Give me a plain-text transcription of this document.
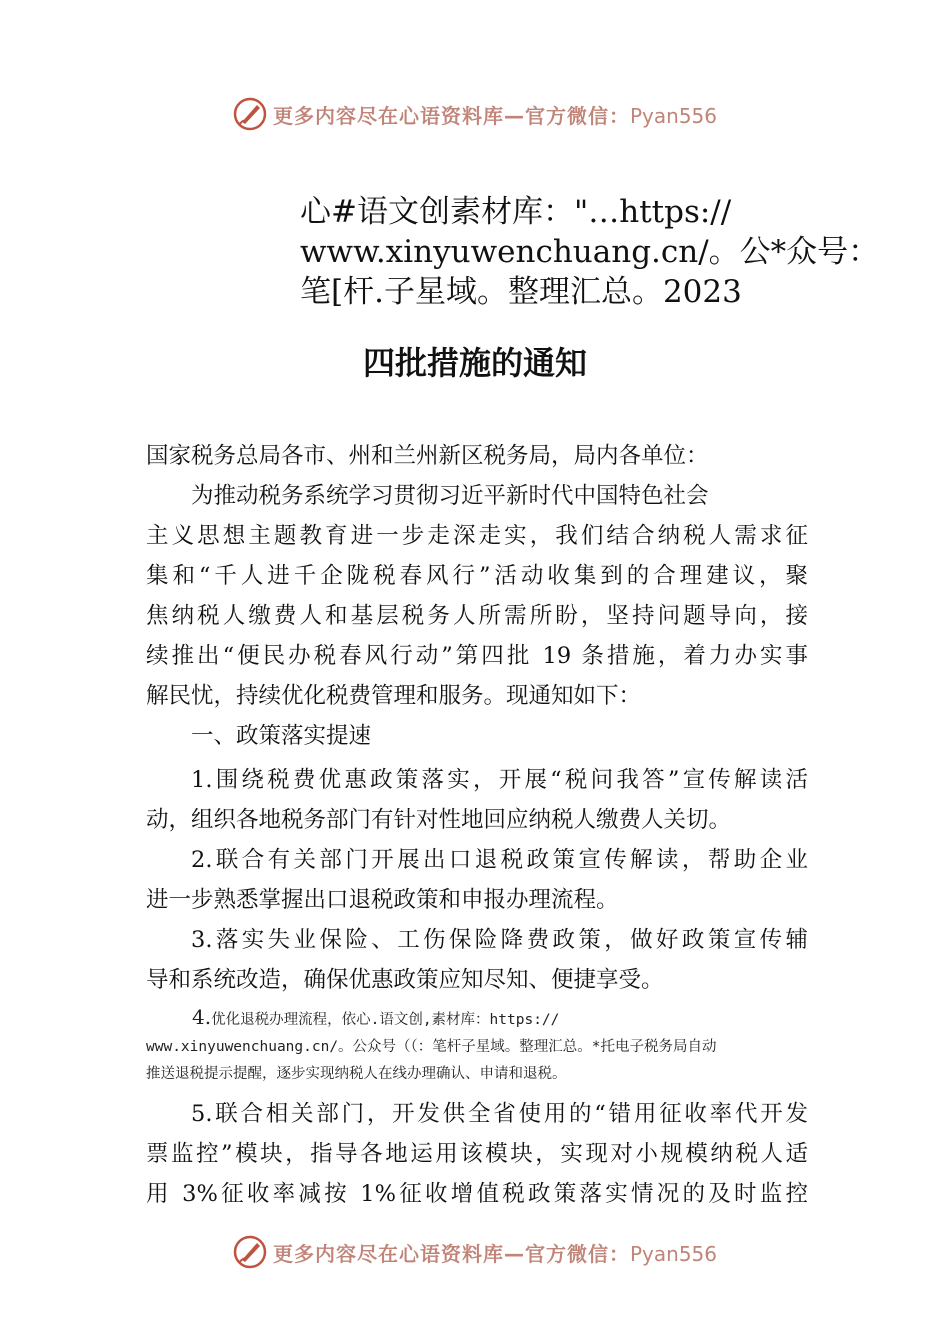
更多内容尽在心语资料库—官方微信：Pyan556
心#语文创素材库："…https://
www.xinyuwenchuang.cn/。公*众号：
笔[杆.子星域。整理汇总。2023
四批措施的通知

国家税务总局各市、州和兰州新区税务局，局内各单位：

为推动税务系统学习贯彻习近平新时代中国特色社会

主义思想主题教育进一步走深走实，我们结合纳税人需求征

集和“千人进千企陇税春风行”活动收集到的合理建议，聚

焦纳税人缴费人和基层税务人所需所盼，坚持问题导向，接

续推出“便民办税春风行动”第四批 19 条措施，着力办实事

解民忧，持续优化税费管理和服务。现通知如下：

一、政策落实提速

1.围绕税费优惠政策落实，开展“税问我答”宣传解读活

动，组织各地税务部门有针对性地回应纳税人缴费人关切。

2.联合有关部门开展出口退税政策宣传解读，帮助企业

进一步熟悉掌握出口退税政策和申报办理流程。

3.落实失业保险、工伤保险降费政策，做好政策宣传辅

导和系统改造，确保优惠政策应知尽知、便捷享受。

4.优化退税办理流程，依心.语文创,素材库：https://
www.xinyuwenchuang.cn/。公众号（（：笔杆子星域。整理汇总。*托电子税务局自动
推送退税提示提醒，逐步实现纳税人在线办理确认、申请和退税。

5.联合相关部门，开发供全省使用的“错用征收率代开发

票监控”模块，指导各地运用该模块，实现对小规模纳税人适

用 3%征收率减按 1%征收增值税政策落实情况的及时监控

更多内容尽在心语资料库—官方微信：Pyan556
